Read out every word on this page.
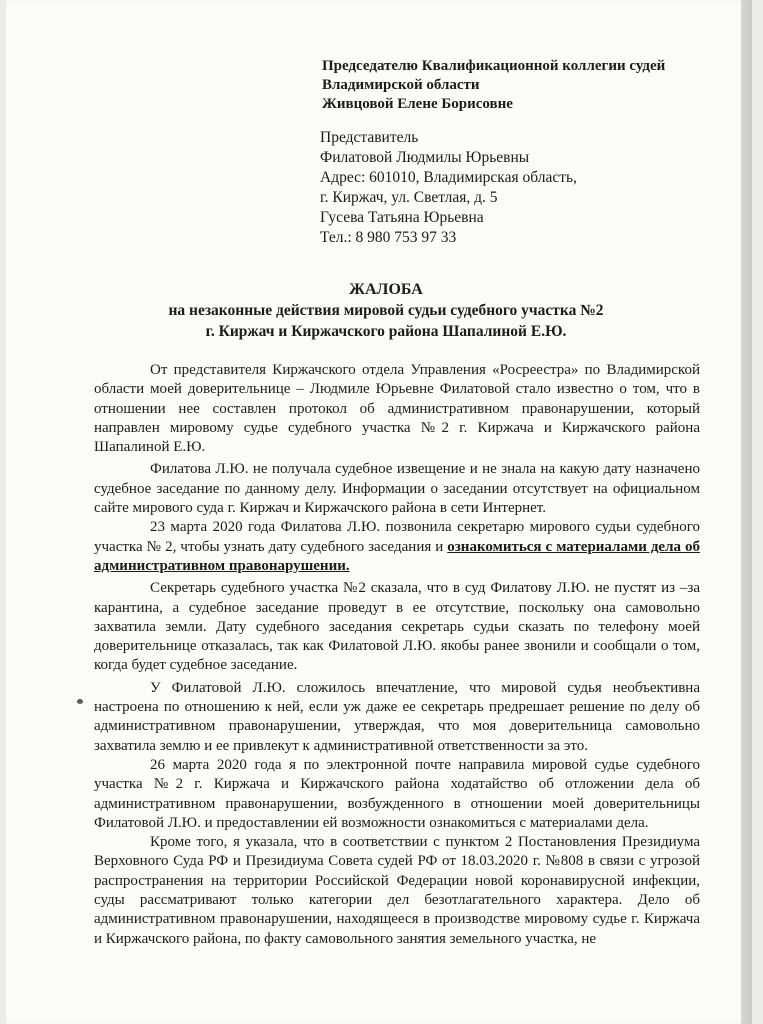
Председателю Квалификационной коллегии судей
Владимирской области
Живцовой Елене Борисовне
Представитель
Филатовой Людмилы Юрьевны
Адрес: 601010, Владимирская область,
г. Киржач, ул. Светлая, д. 5
Гусева Татьяна Юрьевна
Тел.: 8 980 753 97 33
ЖАЛОБА
на незаконные действия мировой судьи судебного участка №2
г. Киржач и Киржачского района Шапалиной Е.Ю.

От представителя Киржачского отдела Управления «Росреестра» по Владимирской области моей доверительнице – Людмиле Юрьевне Филатовой стало известно о том, что в отношении нее составлен протокол об административном правонарушении, который направлен мировому судье судебного участка №2 г. Киржача и Киржачского района Шапалиной Е.Ю.

Филатова Л.Ю. не получала судебное извещение и не знала на какую дату назначено судебное заседание по данному делу. Информации о заседании отсутствует на официальном сайте мирового суда г. Киржач и Киржачского района в сети Интернет.

23 марта 2020 года Филатова Л.Ю. позвонила секретарю мирового судьи судебного участка № 2, чтобы узнать дату судебного заседания и ознакомиться с материалами дела об административном правонарушении.

Секретарь судебного участка №2 сказала, что в суд Филатову Л.Ю. не пустят из –за карантина, а судебное заседание проведут в ее отсутствие, поскольку она самовольно захватила земли. Дату судебного заседания секретарь судьи сказать по телефону моей доверительнице отказалась, так как Филатовой Л.Ю. якобы ранее звонили и сообщали о том, когда будет судебное заседание.

У Филатовой Л.Ю. сложилось впечатление, что мировой судья необъективна настроена по отношению к ней, если уж даже ее секретарь предрешает решение по делу об административном правонарушении, утверждая, что моя доверительница самовольно захватила землю и ее привлекут к административной ответственности за это.

26 марта 2020 года я по электронной почте направила мировой судье судебного участка №2 г. Киржача и Киржачского района ходатайство об отложении дела об административном правонарушении, возбужденного в отношении моей доверительницы Филатовой Л.Ю. и предоставлении ей возможности ознакомиться с материалами дела.

Кроме того, я указала, что в соответствии с пунктом 2 Постановления Президиума Верховного Суда РФ и Президиума Совета судей РФ от 18.03.2020 г. №808 в связи с угрозой распространения на территории Российской Федерации новой коронавирусной инфекции, суды рассматривают только категории дел безотлагательного характера. Дело об административном правонарушении, находящееся в производстве мировому судье г. Киржача и Киржачского района, по факту самовольного занятия земельного участка, не
